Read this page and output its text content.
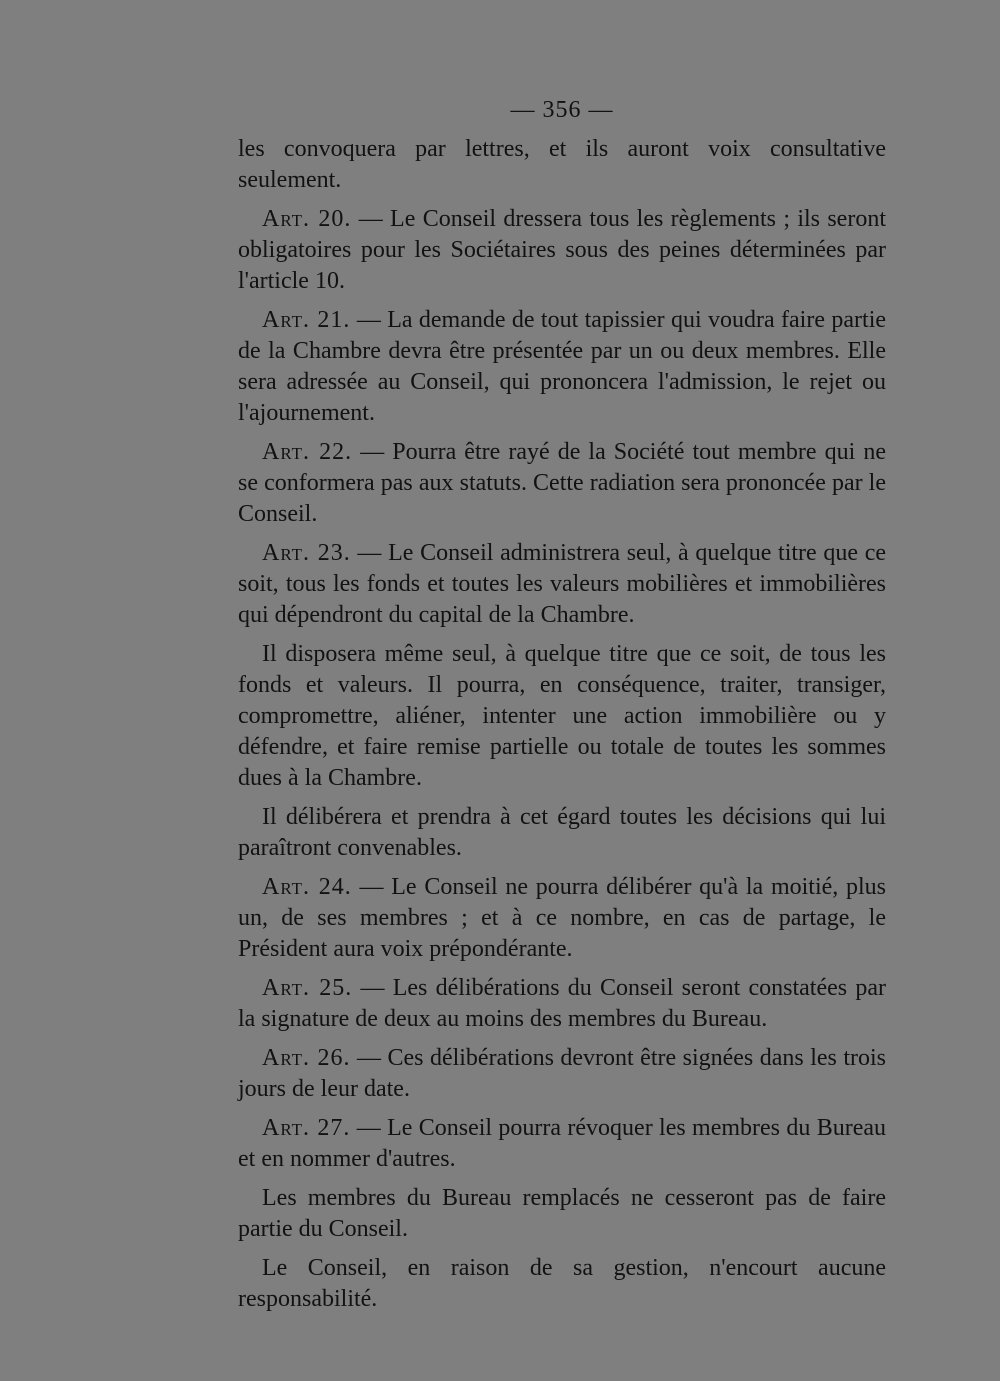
— 356 —

les convoquera par lettres, et ils auront voix consultative seulement.

Art. 20. — Le Conseil dressera tous les règlements ; ils seront obligatoires pour les Sociétaires sous des peines déterminées par l'article 10.

Art. 21. — La demande de tout tapissier qui voudra faire partie de la Chambre devra être présentée par un ou deux membres. Elle sera adressée au Conseil, qui prononcera l'admission, le rejet ou l'ajournement.

Art. 22. — Pourra être rayé de la Société tout membre qui ne se conformera pas aux statuts. Cette radiation sera prononcée par le Conseil.

Art. 23. — Le Conseil administrera seul, à quelque titre que ce soit, tous les fonds et toutes les valeurs mobilières et immobilières qui dépendront du capital de la Chambre.

Il disposera même seul, à quelque titre que ce soit, de tous les fonds et valeurs. Il pourra, en conséquence, traiter, transiger, compromettre, aliéner, intenter une action immobilière ou y défendre, et faire remise partielle ou totale de toutes les sommes dues à la Chambre.

Il délibérera et prendra à cet égard toutes les décisions qui lui paraîtront convenables.

Art. 24. — Le Conseil ne pourra délibérer qu'à la moitié, plus un, de ses membres ; et à ce nombre, en cas de partage, le Président aura voix prépondérante.

Art. 25. — Les délibérations du Conseil seront constatées par la signature de deux au moins des membres du Bureau.

Art. 26. — Ces délibérations devront être signées dans les trois jours de leur date.

Art. 27. — Le Conseil pourra révoquer les membres du Bureau et en nommer d'autres.

Les membres du Bureau remplacés ne cesseront pas de faire partie du Conseil.

Le Conseil, en raison de sa gestion, n'encourt aucune responsabilité.
